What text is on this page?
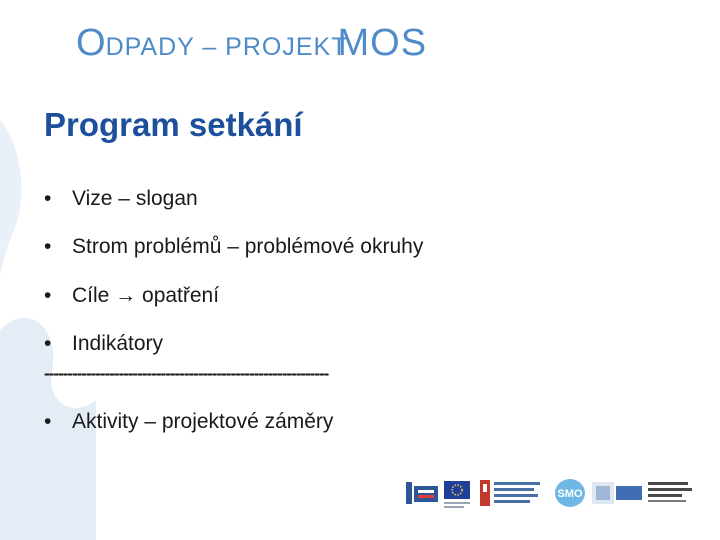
ODPADY – PROJEKTMOS
Program setkání
• Vize – slogan
• Strom problémů – problémové okruhy
• Cíle → opatření
• Indikátory
-------------------------------------------------------------
• Aktivity – projektové záměry
SMO
